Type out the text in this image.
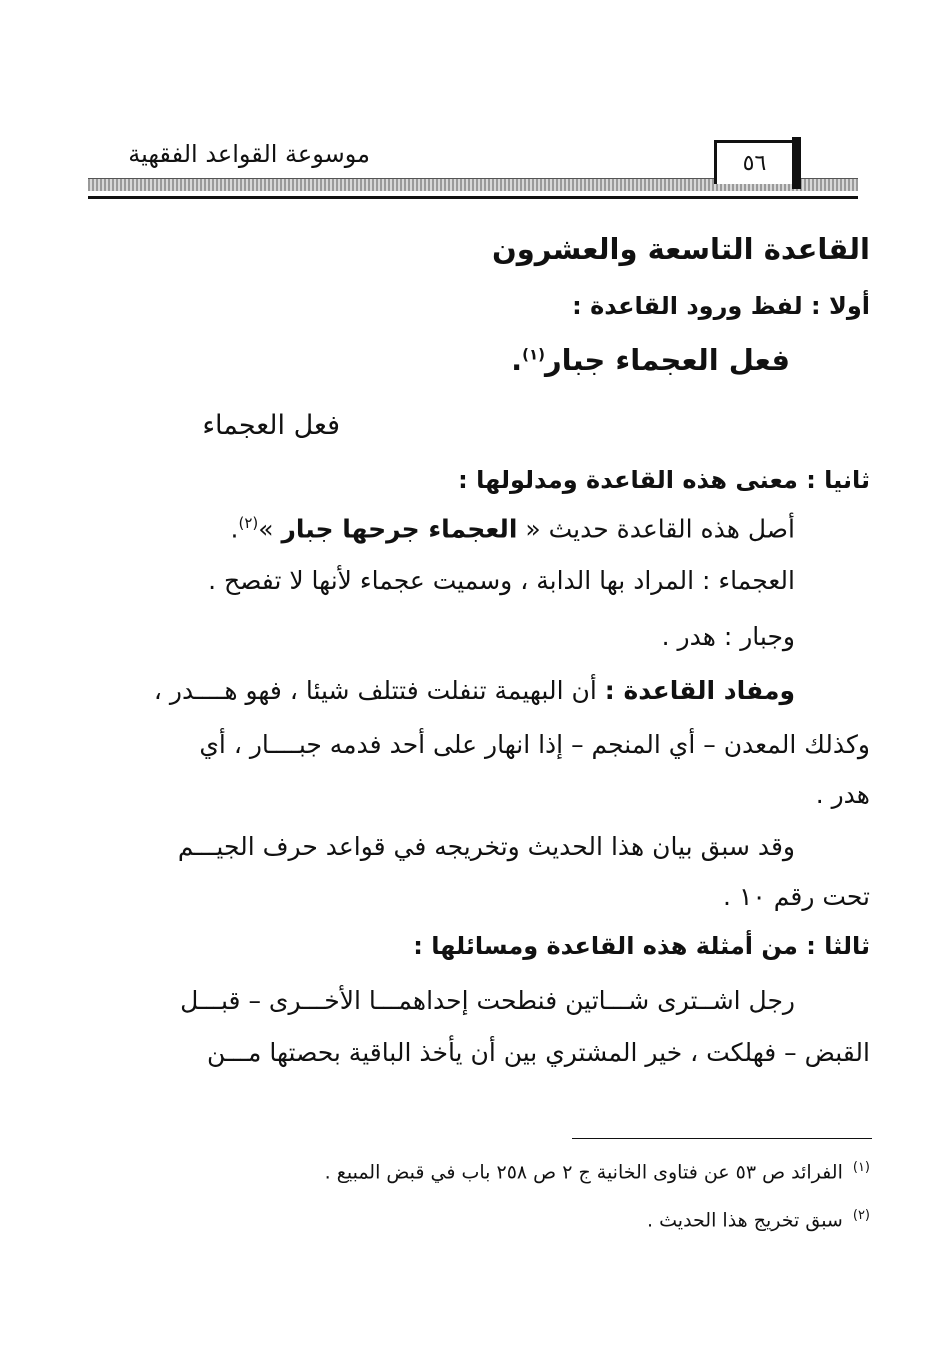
موسوعة القواعد الفقهية	٥٦
القاعدة التاسعة والعشرون
أولا : لفظ ورود القاعدة :
فعل العجماء جبار$^{(١)}$.
فعل العجماء
ثانيا : معنى هذه القاعدة ومدلولها :
أصل هذه القاعدة حديث « العجماء جرحها جبار »$^{(٢)}$.
العجماء : المراد بها الدابة ، وسميت عجماء لأنها لا تفصح .
وجبار : هدر .
ومفاد القاعدة : أن البهيمة تنفلت فتتلف شيئا ، فهو هــــدر ،
وكذلك المعدن – أي المنجم – إذا انهار على أحد فدمه جبــــار ، أي
هدر .
وقد سبق بيان هذا الحديث وتخريجه في قواعد حرف الجيـــم
تحت رقم ١٠ .
ثالثا : من أمثلة هذه القاعدة ومسائلها :
رجل اشــترى شـــاتين فنطحت إحداهمـــا الأخـــرى – قبـــل
القبض – فهلكت ، خير المشتري بين أن يأخذ الباقية بحصتها مـــن
$^{(١)}$الفرائد ص ٥٣ عن فتاوى الخانية ج ٢ ص ٢٥٨ باب في قبض المبيع .
$^{(٢)}$سبق تخريج هذا الحديث .
